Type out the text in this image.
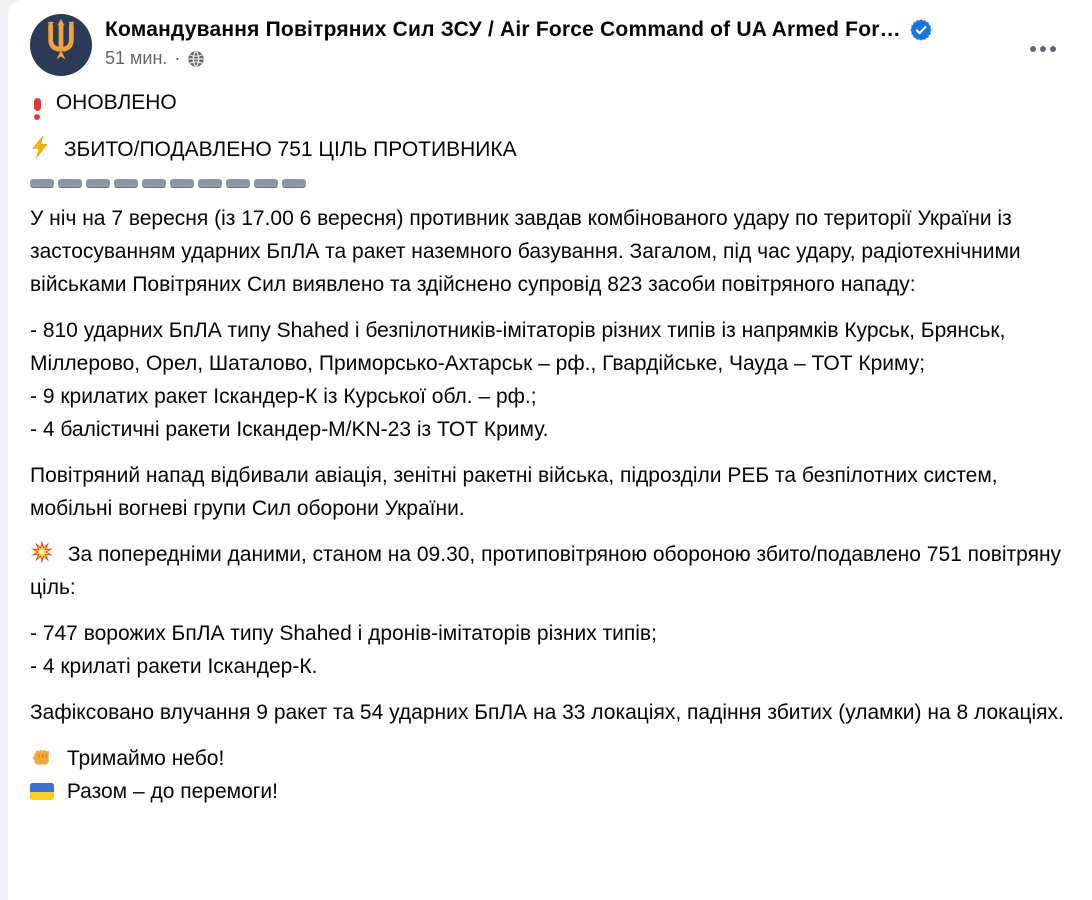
Командування Повітряних Сил ЗСУ / Air Force Command of UA Armed For…
51 мин. ·

ОНОВЛЕНО

ЗБИТО/ПОДАВЛЕНО 751 ЦІЛЬ ПРОТИВНИКА

У ніч на 7 вересня (із 17.00 6 вересня) противник завдав комбінованого удару по території України із застосуванням ударних БпЛА та ракет наземного базування. Загалом, під час удару, радіотехнічними військами Повітряних Сил виявлено та здійснено супровід 823 засоби повітряного нападу:

- 810 ударних БпЛА типу Shahed і безпілотників-імітаторів різних типів із напрямків Курськ, Брянськ, Міллерово, Орел, Шаталово, Приморсько-Ахтарськ – рф., Гвардійське, Чауда – ТОТ Криму;

- 9 крилатих ракет Іскандер-К із Курської обл. – рф.;

- 4 балістичні ракети Іскандер-М/KN-23 із ТОТ Криму.

Повітряний напад відбивали авіація, зенітні ракетні війська, підрозділи РЕБ та безпілотних систем, мобільні вогневі групи Сил оборони України.

За попередніми даними, станом на 09.30, протиповітряною обороною збито/подавлено 751 повітряну ціль:

- 747 ворожих БпЛА типу Shahed і дронів-імітаторів різних типів;

- 4 крилаті ракети Іскандер-К.

Зафіксовано влучання 9 ракет та 54 ударних БпЛА на 33 локаціях, падіння збитих (уламки) на 8 локаціях.

Тримаймо небо!

Разом – до перемоги!
